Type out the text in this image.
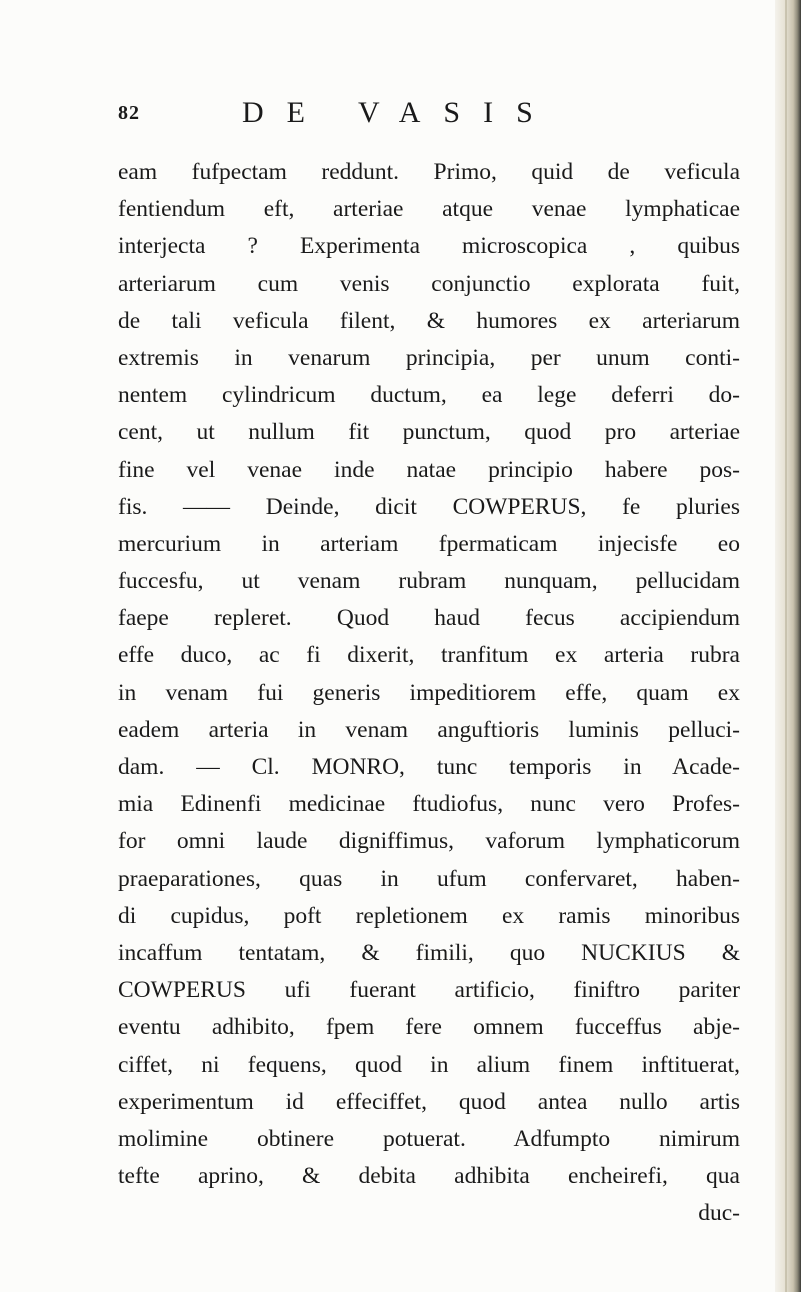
82	DE VASIS
eam fufpectam reddunt. Primo, quid de veficula
fentiendum eft, arteriae atque venae lymphaticae
interjecta ? Experimenta microscopica , quibus
arteriarum cum venis conjunctio explorata fuit,
de tali veficula filent, & humores ex arteriarum
extremis in venarum principia, per unum conti-
nentem cylindricum ductum, ea lege deferri do-
cent, ut nullum fit punctum, quod pro arteriae
fine vel venae inde natae principio habere pos-
fis. —— Deinde, dicit COWPERUS, fe pluries
mercurium in arteriam fpermaticam injecisfe eo
fuccesfu, ut venam rubram nunquam, pellucidam
faepe repleret. Quod haud fecus accipiendum
effe duco, ac fi dixerit, tranfitum ex arteria rubra
in venam fui generis impeditiorem effe, quam ex
eadem arteria in venam anguftioris luminis pelluci-
dam. — Cl. MONRO, tunc temporis in Acade-
mia Edinenfi medicinae ftudiofus, nunc vero Profes-
for omni laude digniffimus, vaforum lymphaticorum
praeparationes, quas in ufum confervaret, haben-
di cupidus, poft repletionem ex ramis minoribus
incaffum tentatam, & fimili, quo NUCKIUS &
COWPERUS ufi fuerant artificio, finiftro pariter
eventu adhibito, fpem fere omnem fucceffus abje-
ciffet, ni fequens, quod in alium finem inftituerat,
experimentum id effeciffet, quod antea nullo artis
molimine obtinere potuerat. Adfumpto nimirum
tefte aprino, & debita adhibita encheirefi, qua
duc-
